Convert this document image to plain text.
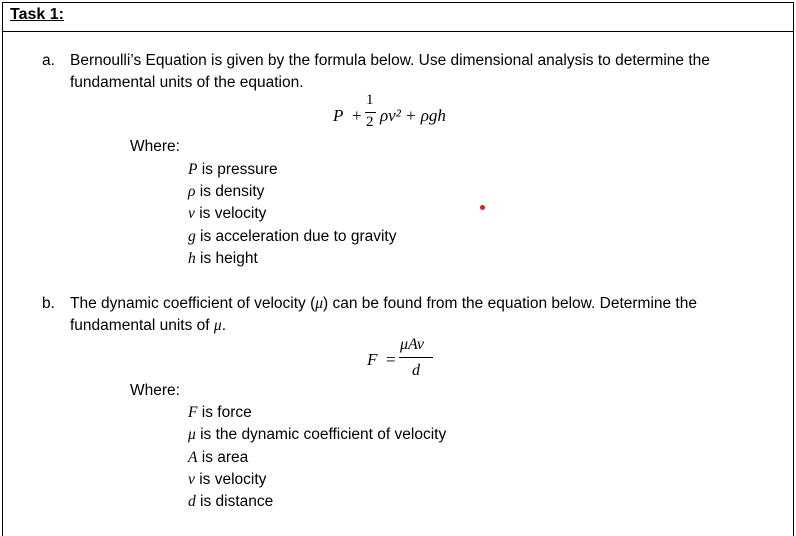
Task 1:
a. Bernoulli’s Equation is given by the formula below. Use dimensional analysis to determine the
fundamental units of the equation.
P +
1
2 ρv² + ρgh
Where:
P is pressure
ρ is density
v is velocity
g is acceleration due to gravity
h is height
b. The dynamic coefficient of velocity (μ) can be found from the equation below. Determine the
fundamental units of μ.
F =
μAv
d
Where:
F is force
μ is the dynamic coefficient of velocity
A is area
v is velocity
d is distance
